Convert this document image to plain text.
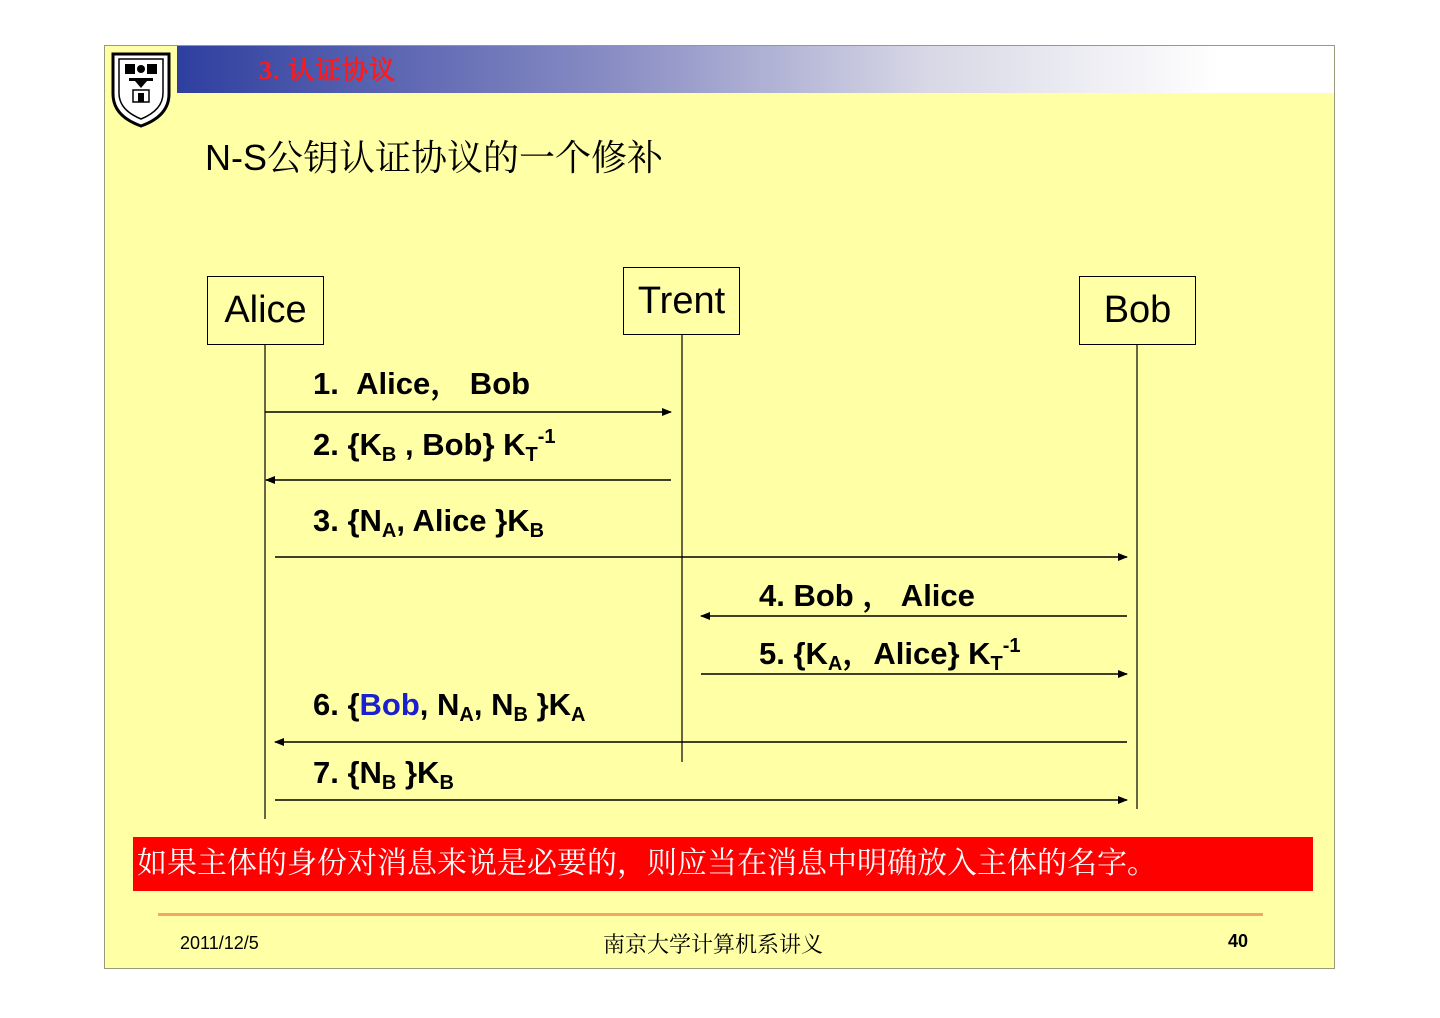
3. 认证协议
N-S公钥认证协议的一个修补
Alice	Trent	Bob
1. Alice， Bob
2. {$K_B$ , Bob} $K_T^{-1}$
3. {$N_A$, Alice }$K_B$
4. Bob ， Alice
5. {$K_A$，Alice} $K_T^{-1}$
6. {Bob, $N_A$, $N_B$ }$K_A$
7. {$N_B$ }$K_B$
如果主体的身份对消息来说是必要的，则应当在消息中明确放入主体的名字。
2011/12/5	南京大学计算机系讲义	40
